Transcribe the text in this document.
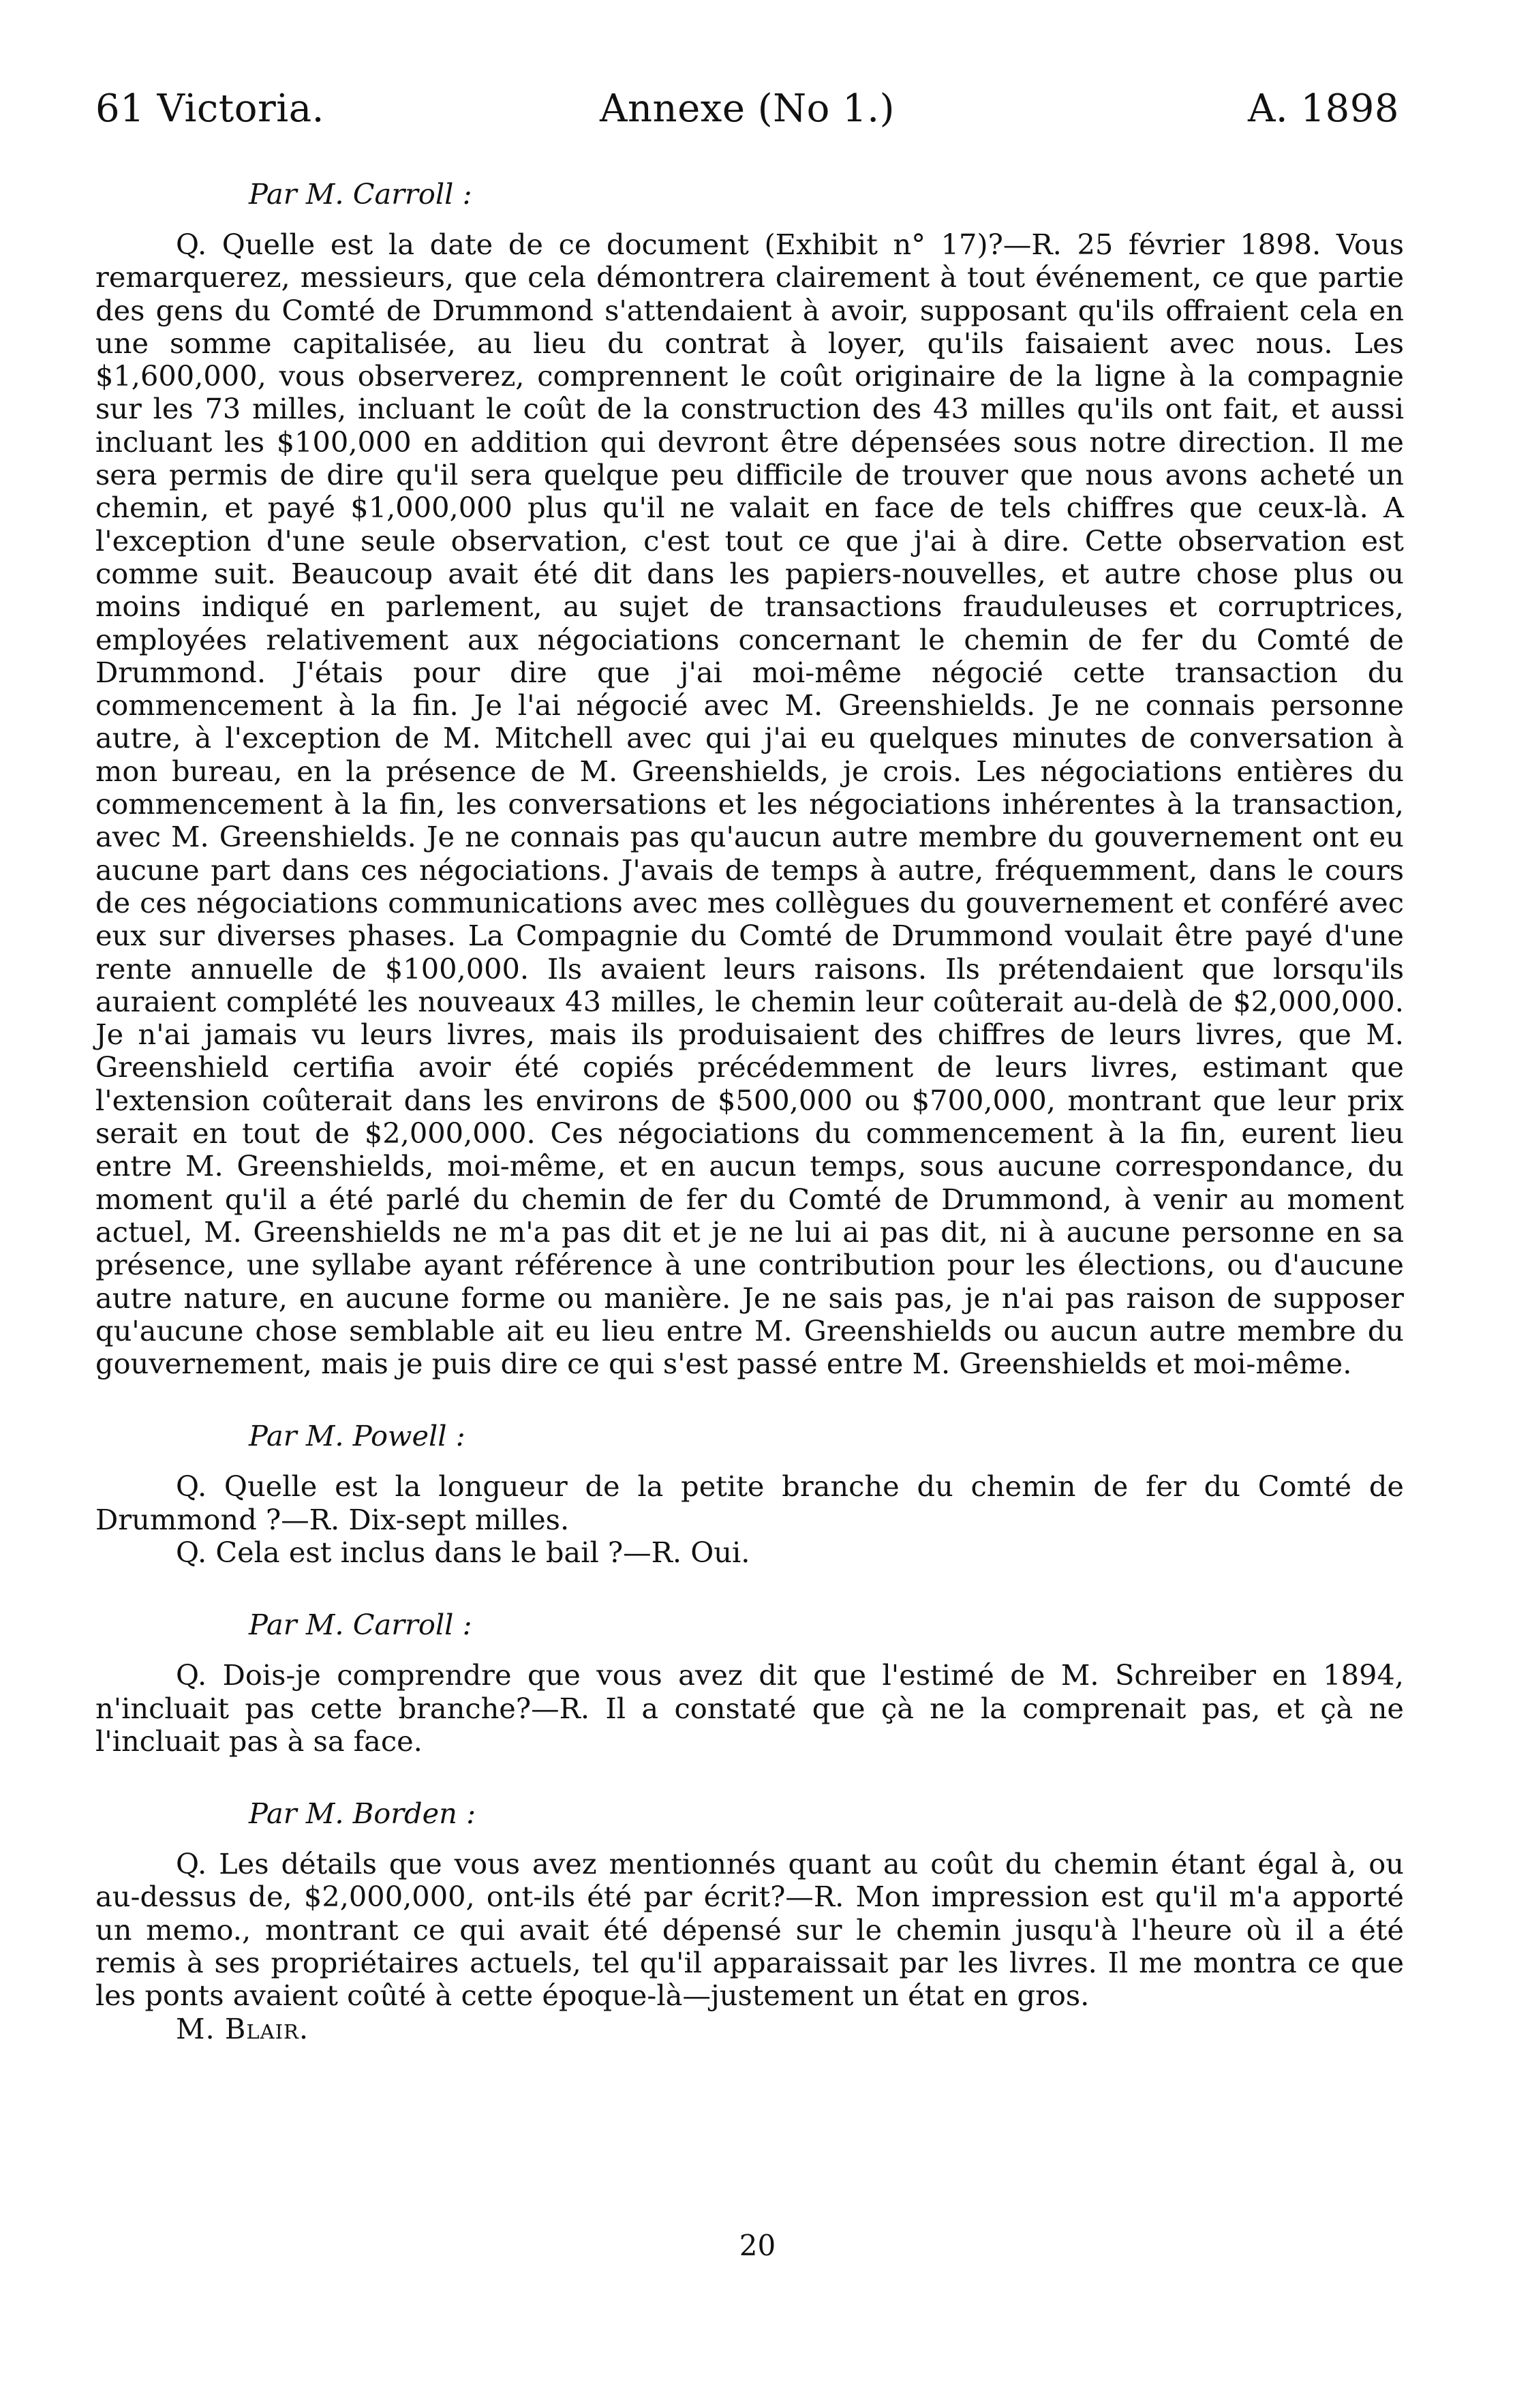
61 Victoria.	Annexe (No 1.)	A. 1898
Par M. Carroll :

Q. Quelle est la date de ce document (Exhibit n° 17)?—R. 25 février 1898. Vous remarquerez, messieurs, que cela démontrera clairement à tout événement, ce que partie des gens du Comté de Drummond s'attendaient à avoir, supposant qu'ils offraient cela en une somme capitalisée, au lieu du contrat à loyer, qu'ils faisaient avec nous. Les $1,600,000, vous observerez, comprennent le coût originaire de la ligne à la compagnie sur les 73 milles, incluant le coût de la construction des 43 milles qu'ils ont fait, et aussi incluant les $100,000 en addition qui devront être dépensées sous notre direction. Il me sera permis de dire qu'il sera quelque peu difficile de trouver que nous avons acheté un chemin, et payé $1,000,000 plus qu'il ne valait en face de tels chiffres que ceux-là. A l'exception d'une seule observation, c'est tout ce que j'ai à dire. Cette observation est comme suit. Beaucoup avait été dit dans les papiers-nouvelles, et autre chose plus ou moins indiqué en parlement, au sujet de transactions frauduleuses et corruptrices, employées relativement aux négociations concernant le chemin de fer du Comté de Drummond. J'étais pour dire que j'ai moi-même négocié cette transaction du commencement à la fin. Je l'ai négocié avec M. Greenshields. Je ne connais personne autre, à l'exception de M. Mitchell avec qui j'ai eu quelques minutes de conversation à mon bureau, en la présence de M. Greenshields, je crois. Les négociations entières du commencement à la fin, les conversations et les négociations inhérentes à la transaction, avec M. Greenshields. Je ne connais pas qu'aucun autre membre du gouvernement ont eu aucune part dans ces négociations. J'avais de temps à autre, fréquemment, dans le cours de ces négociations communications avec mes collègues du gouvernement et conféré avec eux sur diverses phases. La Compagnie du Comté de Drummond voulait être payé d'une rente annuelle de $100,000. Ils avaient leurs raisons. Ils prétendaient que lorsqu'ils auraient complété les nouveaux 43 milles, le chemin leur coûterait au-delà de $2,000,000. Je n'ai jamais vu leurs livres, mais ils produisaient des chiffres de leurs livres, que M. Greenshield certifia avoir été copiés précédemment de leurs livres, estimant que l'extension coûterait dans les environs de $500,000 ou $700,000, montrant que leur prix serait en tout de $2,000,000. Ces négociations du commencement à la fin, eurent lieu entre M. Greenshields, moi-même, et en aucun temps, sous aucune correspondance, du moment qu'il a été parlé du chemin de fer du Comté de Drummond, à venir au moment actuel, M. Greenshields ne m'a pas dit et je ne lui ai pas dit, ni à aucune personne en sa présence, une syllabe ayant référence à une contribution pour les élections, ou d'aucune autre nature, en aucune forme ou manière. Je ne sais pas, je n'ai pas raison de supposer qu'aucune chose semblable ait eu lieu entre M. Greenshields ou aucun autre membre du gouvernement, mais je puis dire ce qui s'est passé entre M. Greenshields et moi-même.

Par M. Powell :

Q. Quelle est la longueur de la petite branche du chemin de fer du Comté de Drummond ?—R. Dix-sept milles.

Q. Cela est inclus dans le bail ?—R. Oui.

Par M. Carroll :

Q. Dois-je comprendre que vous avez dit que l'estimé de M. Schreiber en 1894, n'incluait pas cette branche?—R. Il a constaté que çà ne la comprenait pas, et çà ne l'incluait pas à sa face.

Par M. Borden :

Q. Les détails que vous avez mentionnés quant au coût du chemin étant égal à, ou au-dessus de, $2,000,000, ont-ils été par écrit?—R. Mon impression est qu'il m'a apporté un memo., montrant ce qui avait été dépensé sur le chemin jusqu'à l'heure où il a été remis à ses propriétaires actuels, tel qu'il apparaissait par les livres. Il me montra ce que les ponts avaient coûté à cette époque-là—justement un état en gros.

M. Blair.

20
